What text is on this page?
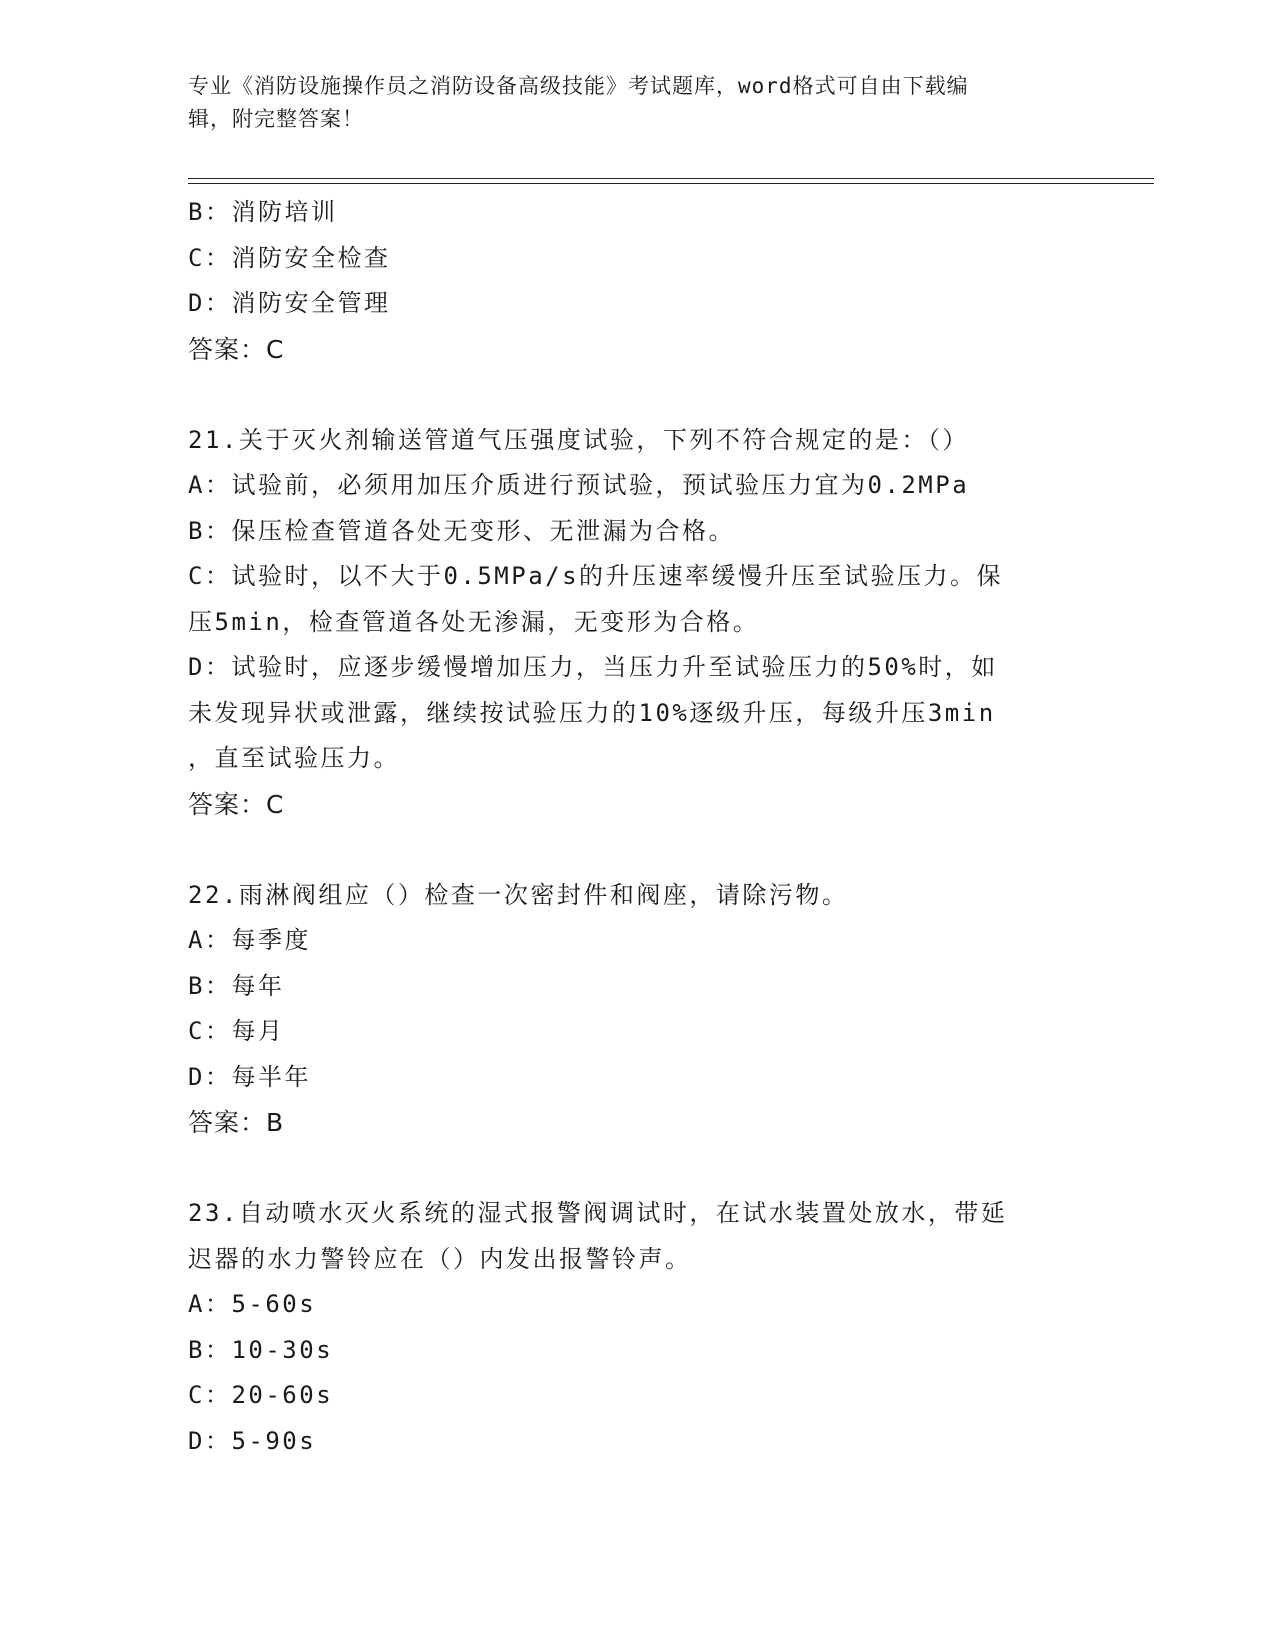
专业《消防设施操作员之消防设备高级技能》考试题库，word格式可自由下载编
辑，附完整答案！
B：消防培训
C：消防安全检查
D：消防安全管理
答案：C
21.关于灭火剂输送管道气压强度试验，下列不符合规定的是：（）
A：试验前，必须用加压介质进行预试验，预试验压力宜为0.2MPa
B：保压检查管道各处无变形、无泄漏为合格。
C：试验时，以不大于0.5MPa/s的升压速率缓慢升压至试验压力。保
压5min，检查管道各处无渗漏，无变形为合格。
D：试验时，应逐步缓慢增加压力，当压力升至试验压力的50%时，如
未发现异状或泄露，继续按试验压力的10%逐级升压，每级升压3min
，直至试验压力。
答案：C
22.雨淋阀组应（）检查一次密封件和阀座，请除污物。
A：每季度
B：每年
C：每月
D：每半年
答案：B
23.自动喷水灭火系统的湿式报警阀调试时，在试水装置处放水，带延
迟器的水力警铃应在（）内发出报警铃声。
A：5-60s
B：10-30s
C：20-60s
D：5-90s
